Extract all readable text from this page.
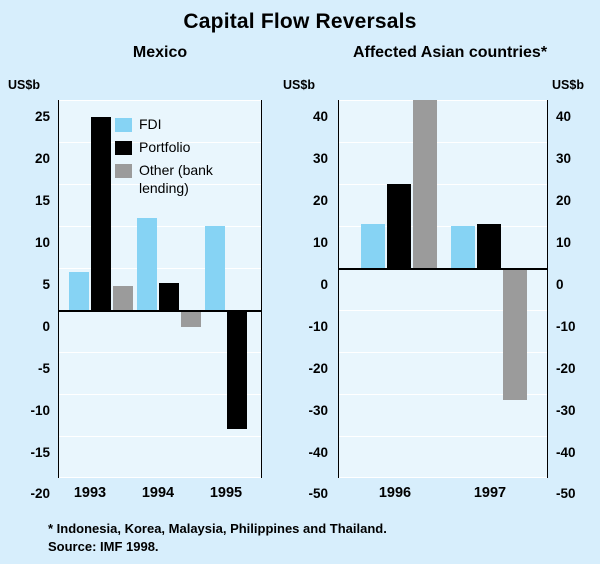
Capital Flow Reversals
Mexico
US$b
25
20
15
10
5
0
-5
-10
-15
-20	1993	1994	1995
FDI
Portfolio
Other (bank
lending)
Affected Asian countries*
US$b	US$b
40
30
20
10
0
-10
-20
-30
-40
-50
40
30
20
10
0
-10
-20
-30
-40
-50
1996	1997
* Indonesia, Korea, Malaysia, Philippines and Thailand.
Source: IMF 1998.
